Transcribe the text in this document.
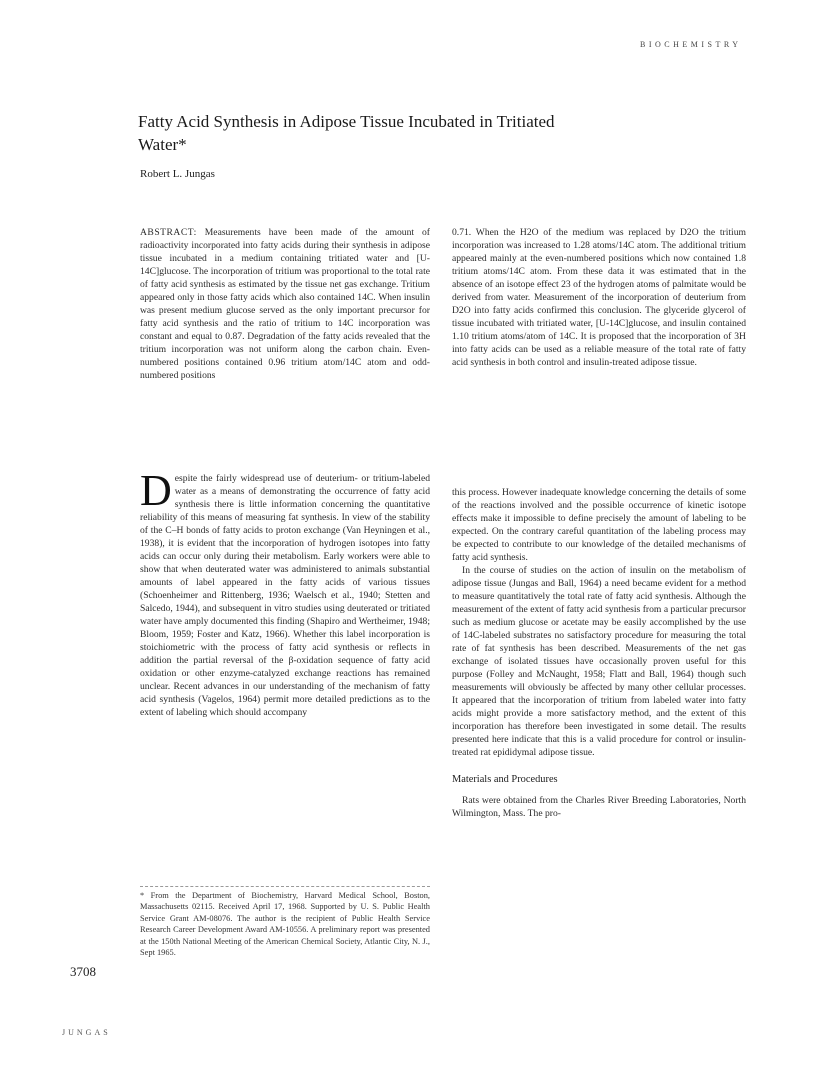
BIOCHEMISTRY
Fatty Acid Synthesis in Adipose Tissue Incubated in Tritiated Water*
Robert L. Jungas

ABSTRACT: Measurements have been made of the amount of radioactivity incorporated into fatty acids during their synthesis in adipose tissue incubated in a medium containing tritiated water and [U-14C]glucose. The incorporation of tritium was proportional to the total rate of fatty acid synthesis as estimated by the tissue net gas exchange. Tritium appeared only in those fatty acids which also contained 14C. When insulin was present medium glucose served as the only important precursor for fatty acid synthesis and the ratio of tritium to 14C incorporation was constant and equal to 0.87. Degradation of the fatty acids revealed that the tritium incorporation was not uniform along the carbon chain. Even-numbered positions contained 0.96 tritium atom/14C atom and odd-numbered positions

0.71. When the H2O of the medium was replaced by D2O the tritium incorporation was increased to 1.28 atoms/14C atom. The additional tritium appeared mainly at the even-numbered positions which now contained 1.8 tritium atoms/14C atom. From these data it was estimated that in the absence of an isotope effect 23 of the hydrogen atoms of palmitate would be derived from water. Measurement of the incorporation of deuterium from D2O into fatty acids confirmed this conclusion. The glyceride glycerol of tissue incubated with tritiated water, [U-14C]glucose, and insulin contained 1.10 tritium atoms/atom of 14C. It is proposed that the incorporation of 3H into fatty acids can be used as a reliable measure of the total rate of fatty acid synthesis in both control and insulin-treated adipose tissue.

D espite the fairly widespread use of deuterium- or tritium-labeled water as a means of demonstrating the occurrence of fatty acid synthesis there is little information concerning the quantitative reliability of this means of measuring fat synthesis. In view of the stability of the C–H bonds of fatty acids to proton exchange (Van Heyningen et al., 1938), it is evident that the incorporation of hydrogen isotopes into fatty acids can occur only during their metabolism. Early workers were able to show that when deuterated water was administered to animals substantial amounts of label appeared in the fatty acids of various tissues (Schoenheimer and Rittenberg, 1936; Waelsch et al., 1940; Stetten and Salcedo, 1944), and subsequent in vitro studies using deuterated or tritiated water have amply documented this finding (Shapiro and Wertheimer, 1948; Bloom, 1959; Foster and Katz, 1966). Whether this label incorporation is stoichiometric with the process of fatty acid synthesis or reflects in addition the partial reversal of the β-oxidation sequence of fatty acid oxidation or other enzyme-catalyzed exchange reactions has remained unclear. Recent advances in our understanding of the mechanism of fatty acid synthesis (Vagelos, 1964) permit more detailed predictions as to the extent of labeling which should accompany

this process. However inadequate knowledge concerning the details of some of the reactions involved and the possible occurrence of kinetic isotope effects make it impossible to define precisely the amount of labeling to be expected. On the contrary careful quantitation of the labeling process may be expected to contribute to our knowledge of the detailed mechanisms of fatty acid synthesis.

In the course of studies on the action of insulin on the metabolism of adipose tissue (Jungas and Ball, 1964) a need became evident for a method to measure quantitatively the total rate of fatty acid synthesis. Although the measurement of the extent of fatty acid synthesis from a particular precursor such as medium glucose or acetate may be easily accomplished by the use of 14C-labeled substrates no satisfactory procedure for measuring the total rate of fat synthesis has been described. Measurements of the net gas exchange of isolated tissues have occasionally proven useful for this purpose (Folley and McNaught, 1958; Flatt and Ball, 1964) though such measurements will obviously be affected by many other cellular processes. It appeared that the incorporation of tritium from labeled water into fatty acids might provide a more satisfactory method, and the extent of this incorporation has therefore been investigated in some detail. The results presented here indicate that this is a valid procedure for control or insulin-treated rat epididymal adipose tissue.

Materials and Procedures

Rats were obtained from the Charles River Breeding Laboratories, North Wilmington, Mass. The pro-

* From the Department of Biochemistry, Harvard Medical School, Boston, Massachusetts 02115. Received April 17, 1968. Supported by U. S. Public Health Service Grant AM-08076. The author is the recipient of Public Health Service Research Career Development Award AM-10556. A preliminary report was presented at the 150th National Meeting of the American Chemical Society, Atlantic City, N. J., Sept 1965.
3708
JUNGAS
